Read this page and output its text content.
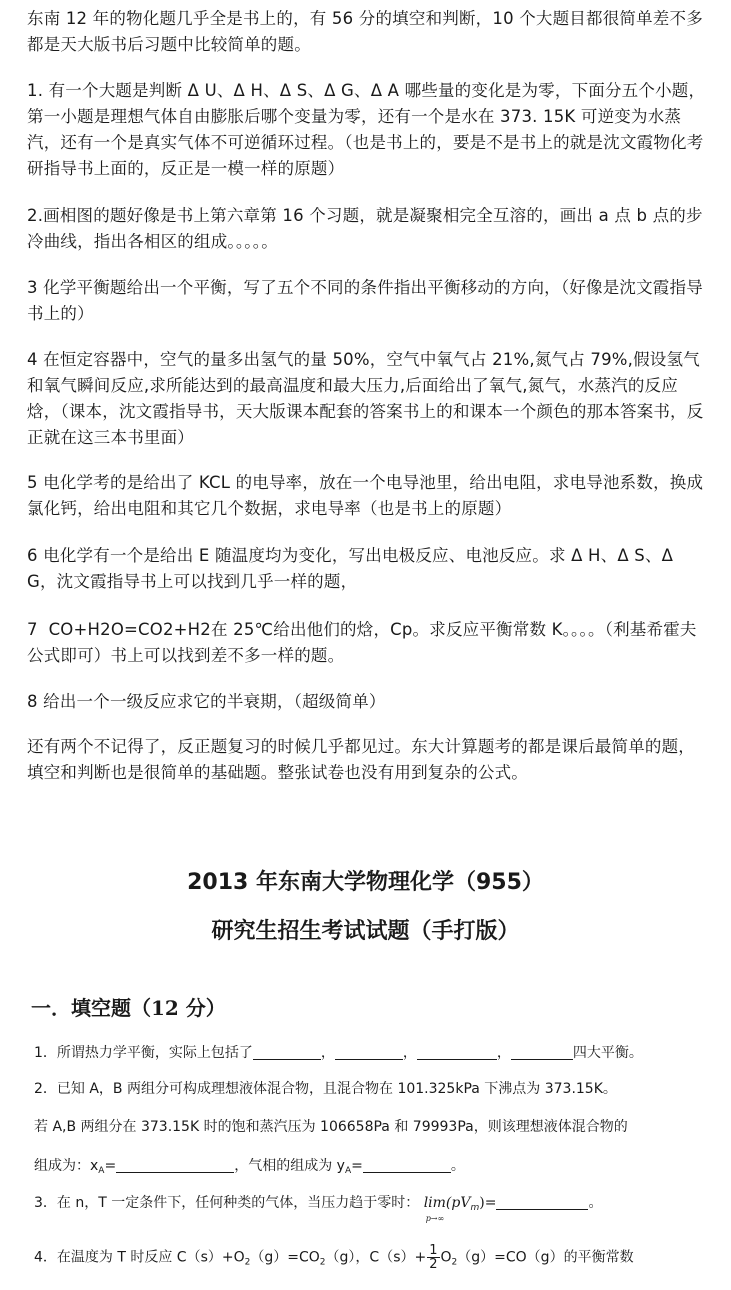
东南 12 年的物化题几乎全是书上的，有 56 分的填空和判断，10 个大题目都很简单差不多都是天大版书后习题中比较简单的题。

1. 有一个大题是判断 Δ U、Δ H、Δ S、Δ G、Δ A 哪些量的变化是为零，下面分五个小题，第一小题是理想气体自由膨胀后哪个变量为零，还有一个是水在 373. 15K 可逆变为水蒸汽，还有一个是真实气体不可逆循环过程。（也是书上的，要是不是书上的就是沈文霞物化考研指导书上面的，反正是一模一样的原题）

2.画相图的题好像是书上第六章第 16 个习题，就是凝聚相完全互溶的，画出 a 点 b 点的步冷曲线，指出各相区的组成。。。。。

3 化学平衡题给出一个平衡，写了五个不同的条件指出平衡移动的方向，（好像是沈文霞指导书上的）

4 在恒定容器中，空气的量多出氢气的量 50%，空气中氧气占 21%,氮气占 79%,假设氢气和氧气瞬间反应,求所能达到的最高温度和最大压力,后面给出了氧气,氮气，水蒸汽的反应焓，（课本，沈文霞指导书，天大版课本配套的答案书上的和课本一个颜色的那本答案书，反正就在这三本书里面）

5 电化学考的是给出了 KCL 的电导率，放在一个电导池里，给出电阻，求电导池系数，换成氯化钙，给出电阻和其它几个数据，求电导率（也是书上的原题）

6 电化学有一个是给出 E 随温度均为变化，写出电极反应、电池反应。求 Δ H、Δ S、Δ G，沈文霞指导书上可以找到几乎一样的题，

7  CO+H2O=CO2+H2在 25℃给出他们的焓，Cp。求反应平衡常数 K。。。。（利基希霍夫公式即可）书上可以找到差不多一样的题。

8 给出一个一级反应求它的半衰期，（超级简单）

还有两个不记得了，反正题复习的时候几乎都见过。东大计算题考的都是课后最简单的题，填空和判断也是很简单的基础题。整张试卷也没有用到复杂的公式。

2013 年东南大学物理化学（955）
研究生招生考试试题（手打版）
一．填空题（12 分）
1．所谓热力学平衡，实际上包括了	，	，	，	四大平衡。
2．已知 A，B 两组分可构成理想液体混合物，且混合物在 101.325kPa 下沸点为 373.15K。
若 A,B 两组分在 373.15K 时的饱和蒸汽压为 106658Pa 和 79993Pa，则该理想液体混合物的
组成为：$x_A=$	，气相的组成为 $y_A=$	。
3．在 n，T 一定条件下，任何种类的气体，当压力趋于零时： lim
p→∞
$(pV_m)=$	。
4．在温度为 T 时反应 $C(s)+O_2(g)=CO_2(g)$，$C(s)+ \frac{1}{2} O_2(g)=CO(g)$的平衡常数
